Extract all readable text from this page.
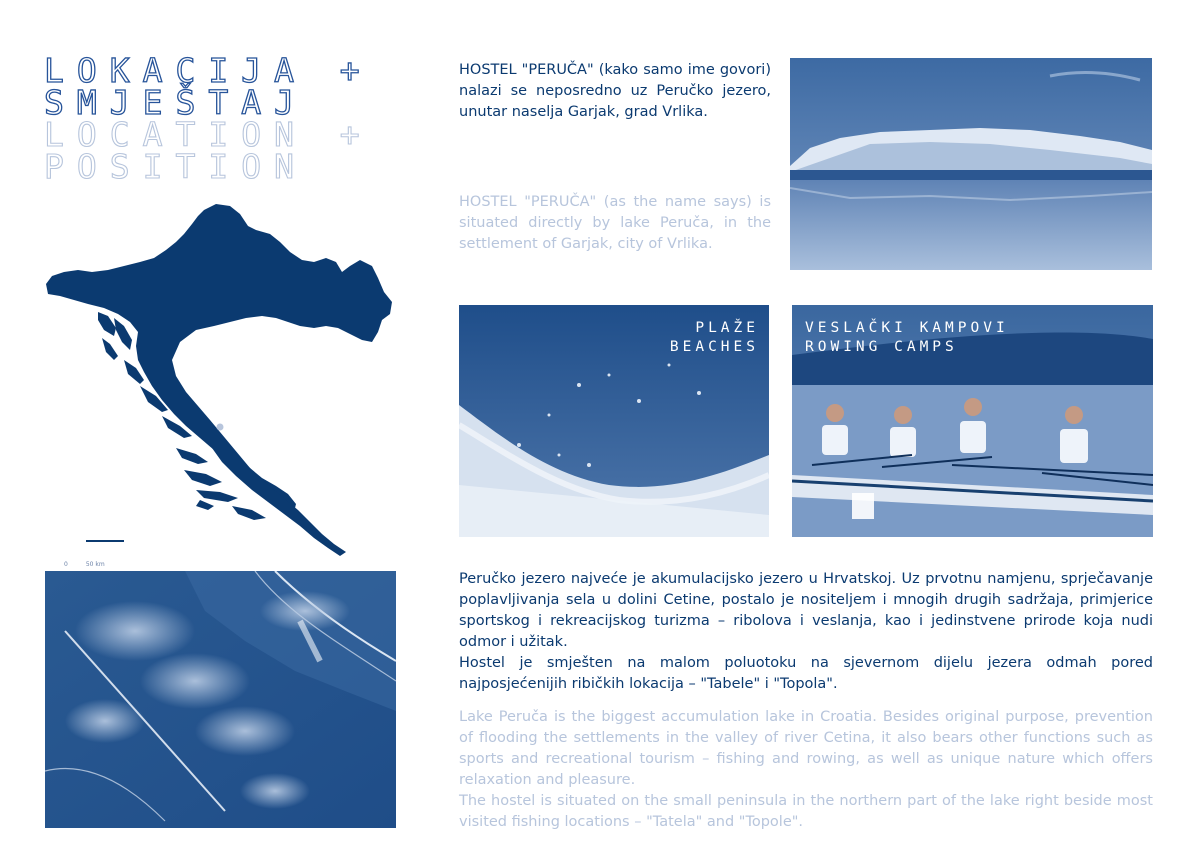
LOKACIJA +
SMJEŠTAJ
LOCATION +
POSITION
0	50 km

HOSTEL "PERUČA" (kako samo ime govori) nalazi se neposredno uz Peručko jezero, unutar naselja Garjak, grad Vrlika.

HOSTEL "PERUČA" (as the name says) is situated directly by lake Peruča, in the settlement of Garjak, city of Vrlika.

PLAŽE
BEACHES
VESLAČKI KAMPOVI
ROWING CAMPS

Peručko jezero najveće je akumulacijsko jezero u Hrvatskoj. Uz prvotnu namjenu, sprječavanje poplavljivanja sela u dolini Cetine, postalo je nositeljem i mnogih drugih sadržaja, primjerice sportskog i rekreacijskog turizma – ribolova i veslanja, kao i jedinstvene prirode koja nudi odmor i užitak.

Hostel je smješten na malom poluotoku na sjevernom dijelu jezera odmah pored najposjećenijih ribičkih lokacija – "Tabele" i "Topola".

Lake Peruča is the biggest accumulation lake in Croatia. Besides original purpose, prevention of flooding the settlements in the valley of river Cetina, it also bears other functions such as sports and recreational tourism – fishing and rowing, as well as unique nature which offers relaxation and pleasure.

The hostel is situated on the small peninsula in the northern part of the lake right beside most visited fishing locations – "Tatela" and "Topole".
